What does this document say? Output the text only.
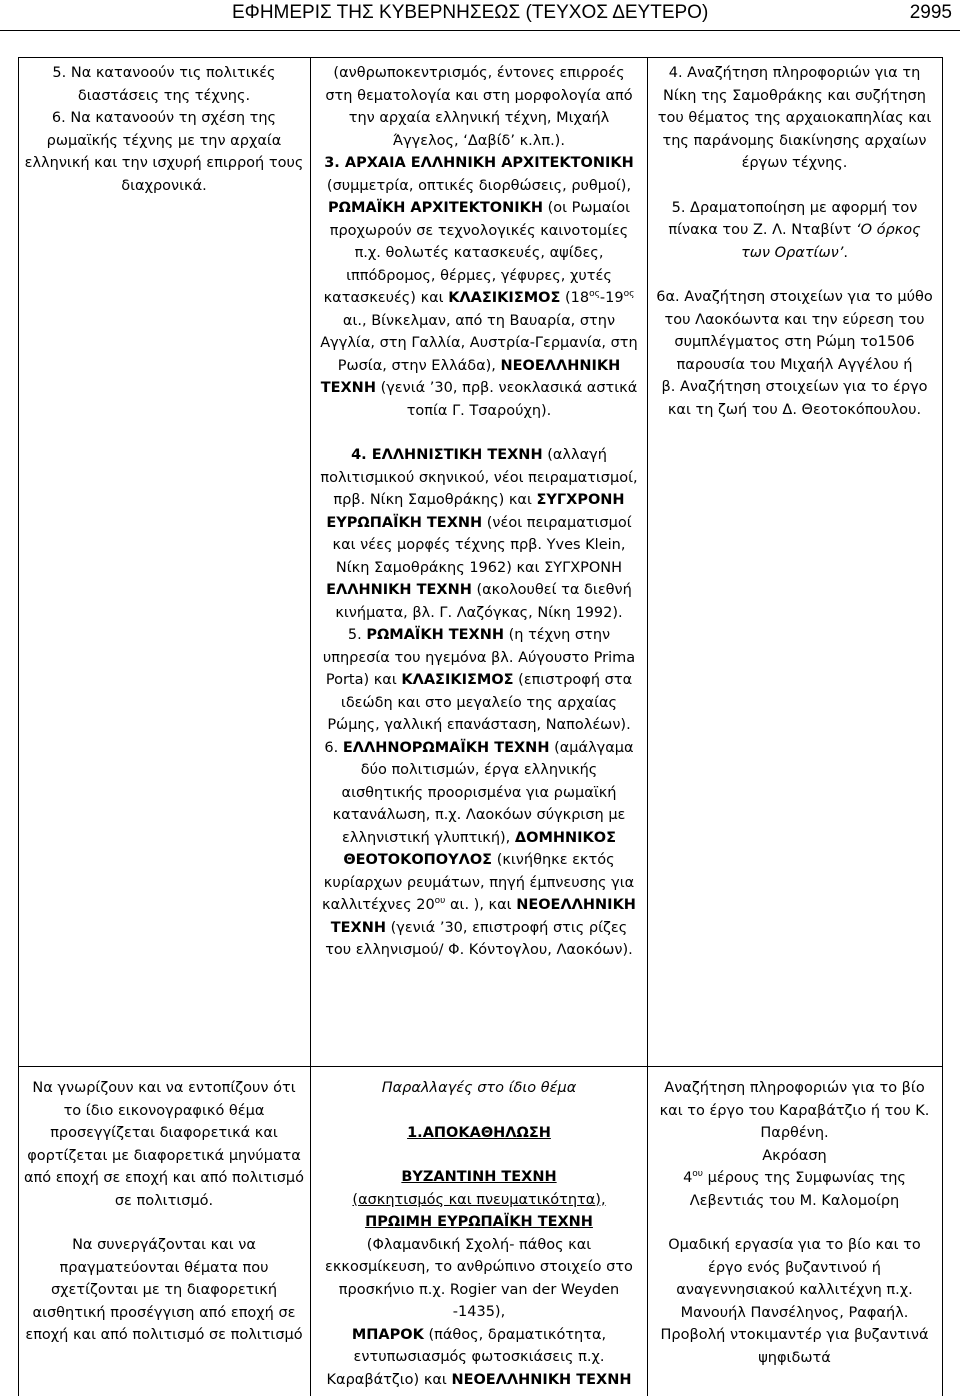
ΕΦΗΜΕΡΙΣ ΤΗΣ ΚΥΒΕΡΝΗΣΕΩΣ (ΤΕΥΧΟΣ ΔΕΥΤΕΡΟ)	2995

5. Να κατανοούν τις πολιτικές διαστάσεις της τέχνης.

6. Να κατανοούν τη σχέση της ρωμαϊκής τέχνης με την αρχαία ελληνική και την ισχυρή επιρροή τους διαχρονικά.

(ανθρωποκεντρισμός, έντονες επιρροές στη θεματολογία και στη μορφολογία από την αρχαία ελληνική τέχνη, Μιχαήλ Άγγελος, ‘Δαβίδ’ κ.λπ.).

3. ΑΡΧΑΙΑ ΕΛΛΗΝΙΚΗ ΑΡΧΙΤΕΚΤΟΝΙΚΗ (συμμετρία, οπτικές διορθώσεις, ρυθμοί), ΡΩΜΑΪΚΗ ΑΡΧΙΤΕΚΤΟΝΙΚΗ (οι Ρωμαίοι προχωρούν σε τεχνολογικές καινοτομίες π.χ. θολωτές κατασκευές, αψίδες, ιππόδρομος, θέρμες, γέφυρες, χυτές κατασκευές) και ΚΛΑΣΙΚΙΣΜΟΣ ($18^{o\varsigma}-19^{o\varsigma}$ αι., Βίνκελμαν, από τη Βαυαρία, στην Αγγλία, στη Γαλλία, Αυστρία-Γερμανία, στη Ρωσία, στην Ελλάδα), ΝΕΟΕΛΛΗΝΙΚΗ ΤΕΧΝΗ (γενιά ’30, πρβ. νεοκλασικά αστικά τοπία Γ. Τσαρούχη).

4. ΕΛΛΗΝΙΣΤΙΚΗ ΤΕΧΝΗ (αλλαγή πολιτισμικού σκηνικού, νέοι πειραματισμοί, πρβ. Νίκη Σαμοθράκης) και ΣΥΓΧΡΟΝΗ ΕΥΡΩΠΑΪΚΗ ΤΕΧΝΗ (νέοι πειραματισμοί και νέες μορφές τέχνης πρβ. Yves Klein, Νίκη Σαμοθράκης 1962) και ΣΥΓΧΡΟΝΗ ΕΛΛΗΝΙΚΗ ΤΕΧΝΗ (ακολουθεί τα διεθνή κινήματα, βλ. Γ. Λαζόγκας, Νίκη 1992).

5. ΡΩΜΑΪΚΗ ΤΕΧΝΗ (η τέχνη στην υπηρεσία του ηγεμόνα βλ. Αύγουστο Prima Porta) και ΚΛΑΣΙΚΙΣΜΟΣ (επιστροφή στα ιδεώδη και στο μεγαλείο της αρχαίας Ρώμης, γαλλική επανάσταση, Ναπολέων).

6. ΕΛΛΗΝΟΡΩΜΑΪΚΗ ΤΕΧΝΗ (αμάλγαμα δύο πολιτισμών, έργα ελληνικής αισθητικής προορισμένα για ρωμαϊκή κατανάλωση, π.χ. Λαοκόων σύγκριση με ελληνιστική γλυπτική), ΔΟΜΗΝΙΚΟΣ ΘΕΟΤΟΚΟΠΟΥΛΟΣ (κινήθηκε εκτός κυρίαρχων ρευμάτων, πηγή έμπνευσης για καλλιτέχνες $20^{o\upsilon}$ αι. ), και ΝΕΟΕΛΛΗΝΙΚΗ ΤΕΧΝΗ (γενιά ’30, επιστροφή στις ρίζες του ελληνισμού/ Φ. Κόντογλου, Λαοκόων).

4. Αναζήτηση πληροφοριών για τη Νίκη της Σαμοθράκης και συζήτηση του θέματος της αρχαιοκαπηλίας και της παράνομης διακίνησης αρχαίων έργων τέχνης.

5. Δραματοποίηση με αφορμή τον πίνακα του Ζ. Λ. Νταβίντ ‘Ο όρκος των Ορατίων’.

6α. Αναζήτηση στοιχείων για το μύθο του Λαοκόωντα και την εύρεση του συμπλέγματος στη Ρώμη το1506 παρουσία του Μιχαήλ Αγγέλου ή

β. Αναζήτηση στοιχείων για το έργο και τη ζωή του Δ. Θεοτοκόπουλου.

Να γνωρίζουν και να εντοπίζουν ότι το ίδιο εικονογραφικό θέμα προσεγγίζεται διαφορετικά και φορτίζεται με διαφορετικά μηνύματα από εποχή σε εποχή και από πολιτισμό σε πολιτισμό.

Να συνεργάζονται και να πραγματεύονται θέματα που σχετίζονται με τη διαφορετική αισθητική προσέγγιση από εποχή σε εποχή και από πολιτισμό σε πολιτισμό

Παραλλαγές στο ίδιο θέμα

1.ΑΠΟΚΑΘΗΛΩΣΗ

ΒΥΖΑΝΤΙΝΗ ΤΕΧΝΗ

(ασκητισμός και πνευματικότητα),

ΠΡΩΙΜΗ ΕΥΡΩΠΑΪΚΗ ΤΕΧΝΗ

(Φλαμανδική Σχολή- πάθος και εκκοσμίκευση, το ανθρώπινο στοιχείο στο προσκήνιο π.χ. Rogier van der Weyden -1435),

ΜΠΑΡΟΚ (πάθος, δραματικότητα, εντυπωσιασμός φωτοσκιάσεις π.χ. Καραβάτζιο) και ΝΕΟΕΛΛΗΝΙΚΗ ΤΕΧΝΗ

Αναζήτηση πληροφοριών για το βίο και το έργο του Καραβάτζιο ή του Κ. Παρθένη.

Ακρόαση

$4^{o\upsilon}$ μέρους της Συμφωνίας της Λεβεντιάς του Μ. Καλομοίρη

Ομαδική εργασία για το βίο και το έργο ενός βυζαντινού ή αναγεννησιακού καλλιτέχνη π.χ. Μανουήλ Πανσέληνος, Ραφαήλ. Προβολή ντοκιμαντέρ για βυζαντινά ψηφιδωτά
